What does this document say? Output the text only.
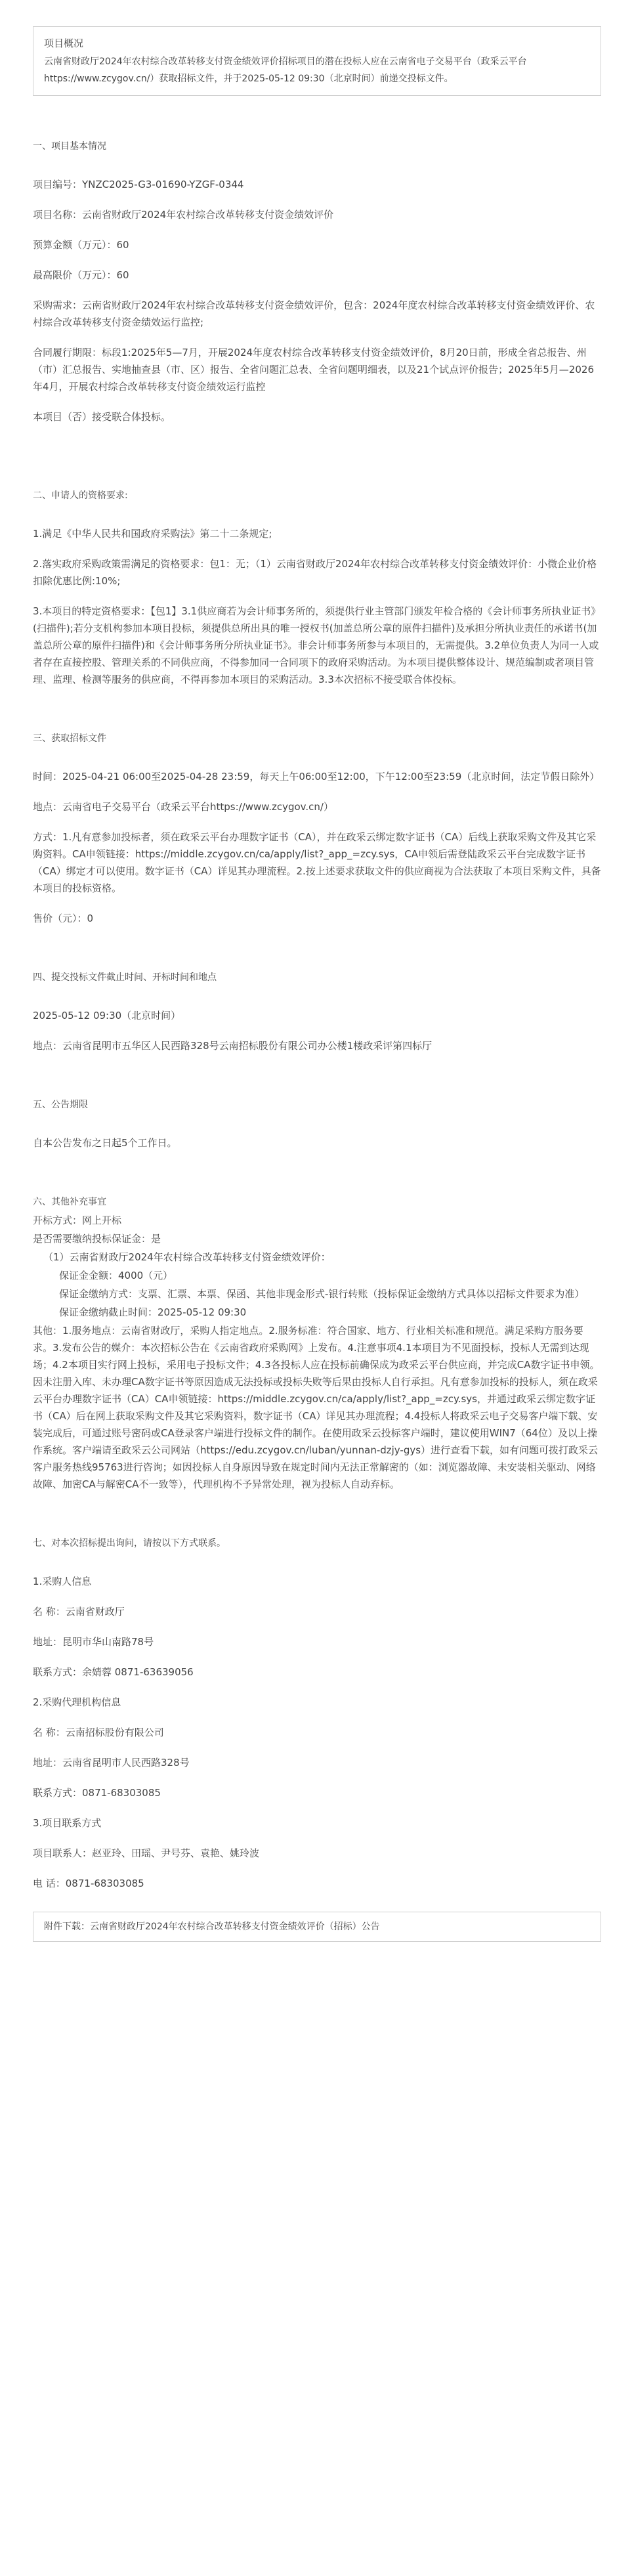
项目概况
云南省财政厅2024年农村综合改革转移支付资金绩效评价招标项目的潜在投标人应在云南省电子交易平台（政采云平台https://www.zcygov.cn/）获取招标文件，并于2025-05-12 09:30（北京时间）前递交投标文件。
一、项目基本情况

项目编号：YNZC2025-G3-01690-YZGF-0344

项目名称：云南省财政厅2024年农村综合改革转移支付资金绩效评价

预算金额（万元）：60

最高限价（万元）：60

采购需求：云南省财政厅2024年农村综合改革转移支付资金绩效评价，包含：2024年度农村综合改革转移支付资金绩效评价、农村综合改革转移支付资金绩效运行监控;

合同履行期限：标段1:2025年5—7月，开展2024年度农村综合改革转移支付资金绩效评价，8月20日前，形成全省总报告、州（市）汇总报告、实地抽查县（市、区）报告、全省问题汇总表、全省问题明细表，以及21个试点评价报告；2025年5月—2026年4月，开展农村综合改革转移支付资金绩效运行监控

本项目（否）接受联合体投标。

二、申请人的资格要求:

1.满足《中华人民共和国政府采购法》第二十二条规定;

2.落实政府采购政策需满足的资格要求：包1：无；（1）云南省财政厅2024年农村综合改革转移支付资金绩效评价：小微企业价格扣除优惠比例:10%;

3.本项目的特定资格要求：【包1】3.1供应商若为会计师事务所的，须提供行业主管部门颁发年检合格的《会计师事务所执业证书》(扫描件);若分支机构参加本项目投标，须提供总所出具的唯一授权书(加盖总所公章的原件扫描件)及承担分所执业责任的承诺书(加盖总所公章的原件扫描件)和《会计师事务所分所执业证书》。非会计师事务所参与本项目的，无需提供。3.2单位负责人为同一人或者存在直接控股、管理关系的不同供应商，不得参加同一合同项下的政府采购活动。为本项目提供整体设计、规范编制或者项目管理、监理、检测等服务的供应商，不得再参加本项目的采购活动。3.3本次招标不接受联合体投标。

三、获取招标文件

时间：2025-04-21 06:00至2025-04-28 23:59，每天上午06:00至12:00，下午12:00至23:59（北京时间，法定节假日除外）

地点：云南省电子交易平台（政采云平台https://www.zcygov.cn/）

方式：1.凡有意参加投标者，须在政采云平台办理数字证书（CA），并在政采云绑定数字证书（CA）后线上获取采购文件及其它采购资料。CA申领链接：https://middle.zcygov.cn/ca/apply/list?_app_=zcy.sys，CA申领后需登陆政采云平台完成数字证书（CA）绑定才可以使用。数字证书（CA）详见其办理流程。2.按上述要求获取文件的供应商视为合法获取了本项目采购文件，具备本项目的投标资格。

售价（元）：0

四、提交投标文件截止时间、开标时间和地点

2025-05-12 09:30（北京时间）

地点：云南省昆明市五华区人民西路328号云南招标股份有限公司办公楼1楼政采评第四标厅

五、公告期限

自本公告发布之日起5个工作日。

六、其他补充事宜

开标方式：网上开标

是否需要缴纳投标保证金：是

（1）云南省财政厅2024年农村综合改革转移支付资金绩效评价：

保证金金额：4000（元）

保证金缴纳方式：支票、汇票、本票、保函、其他非现金形式-银行转账（投标保证金缴纳方式具体以招标文件要求为准）

保证金缴纳截止时间：2025-05-12 09:30

其他：1.服务地点：云南省财政厅，采购人指定地点。2.服务标准：符合国家、地方、行业相关标准和规范。满足采购方服务要求。3.发布公告的媒介：本次招标公告在《云南省政府采购网》上发布。4.注意事项4.1本项目为不见面投标，投标人无需到达现场；4.2本项目实行网上投标，采用电子投标文件；4.3各投标人应在投标前确保成为政采云平台供应商，并完成CA数字证书申领。因未注册入库、未办理CA数字证书等原因造成无法投标或投标失败等后果由投标人自行承担。凡有意参加投标的投标人，须在政采云平台办理数字证书（CA）CA申领链接：https://middle.zcygov.cn/ca/apply/list?_app_=zcy.sys，并通过政采云绑定数字证书（CA）后在网上获取采购文件及其它采购资料，数字证书（CA）详见其办理流程；4.4投标人将政采云电子交易客户端下载、安装完成后，可通过账号密码或CA登录客户端进行投标文件的制作。在使用政采云投标客户端时，建议使用WIN7（64位）及以上操作系统。客户端请至政采云公司网站（https://edu.zcygov.cn/luban/yunnan-dzjy-gys）进行查看下载，如有问题可拨打政采云客户服务热线95763进行咨询；如因投标人自身原因导致在规定时间内无法正常解密的（如：浏览器故障、未安装相关驱动、网络故障、加密CA与解密CA不一致等），代理机构不予异常处理，视为投标人自动弃标。

七、对本次招标提出询问，请按以下方式联系。

1.采购人信息

名 称：云南省财政厅

地址：昆明市华山南路78号

联系方式：余婧蓉 0871-63639056

2.采购代理机构信息

名 称：云南招标股份有限公司

地址：云南省昆明市人民西路328号

联系方式：0871-68303085

3.项目联系方式

项目联系人：赵亚玲、田瑶、尹号芬、袁艳、姚玲波

电 话：0871-68303085

附件下载：云南省财政厅2024年农村综合改革转移支付资金绩效评价（招标）公告
